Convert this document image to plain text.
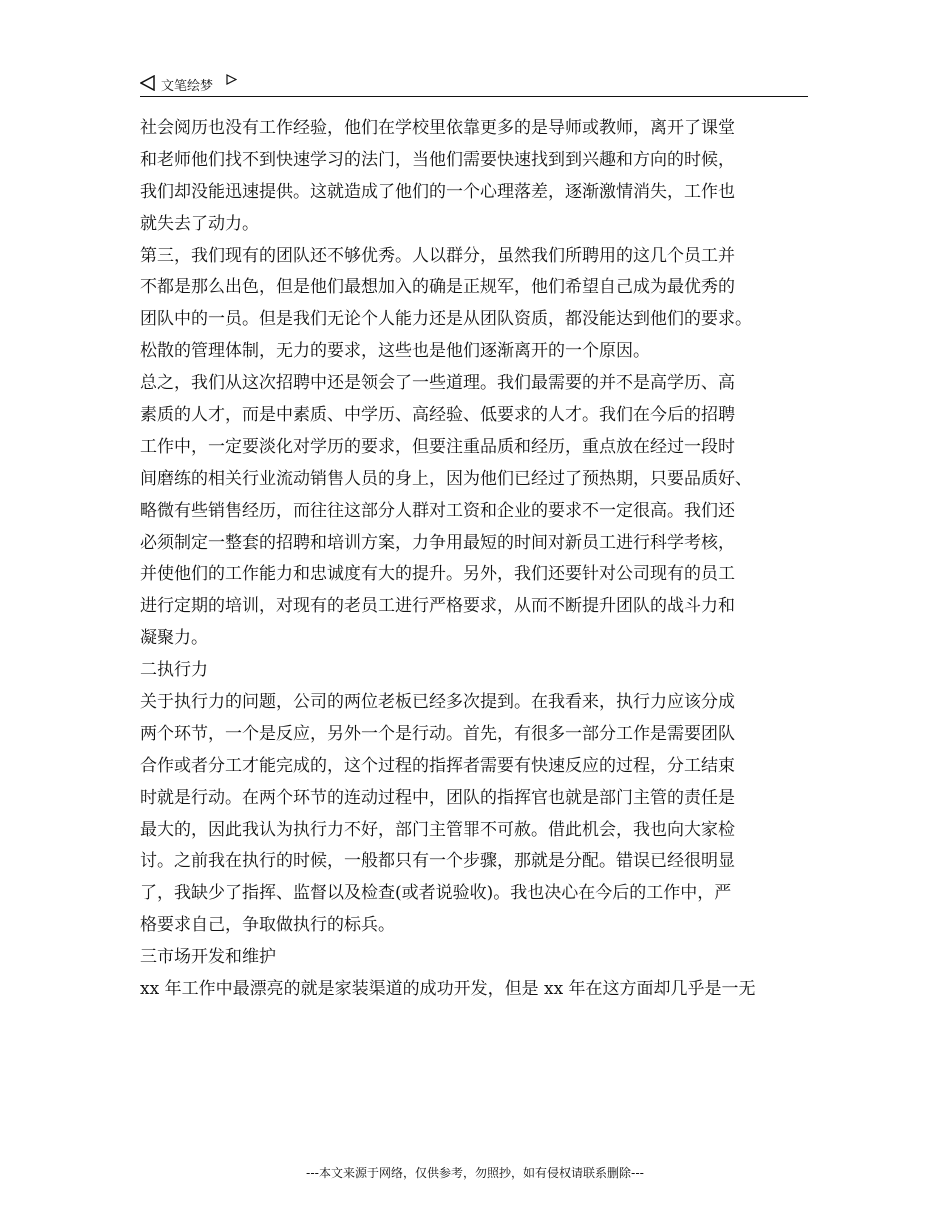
文笔绘梦
社会阅历也没有工作经验，他们在学校里依靠更多的是导师或教师，离开了课堂
和老师他们找不到快速学习的法门，当他们需要快速找到到兴趣和方向的时候，
我们却没能迅速提供。这就造成了他们的一个心理落差，逐渐激情消失，工作也
就失去了动力。
第三，我们现有的团队还不够优秀。人以群分，虽然我们所聘用的这几个员工并
不都是那么出色，但是他们最想加入的确是正规军，他们希望自己成为最优秀的
团队中的一员。但是我们无论个人能力还是从团队资质，都没能达到他们的要求。
松散的管理体制，无力的要求，这些也是他们逐渐离开的一个原因。
总之，我们从这次招聘中还是领会了一些道理。我们最需要的并不是高学历、高
素质的人才，而是中素质、中学历、高经验、低要求的人才。我们在今后的招聘
工作中，一定要淡化对学历的要求，但要注重品质和经历，重点放在经过一段时
间磨练的相关行业流动销售人员的身上，因为他们已经过了预热期，只要品质好、
略微有些销售经历，而往往这部分人群对工资和企业的要求不一定很高。我们还
必须制定一整套的招聘和培训方案，力争用最短的时间对新员工进行科学考核，
并使他们的工作能力和忠诚度有大的提升。另外，我们还要针对公司现有的员工
进行定期的培训，对现有的老员工进行严格要求，从而不断提升团队的战斗力和
凝聚力。
二执行力
关于执行力的问题，公司的两位老板已经多次提到。在我看来，执行力应该分成
两个环节，一个是反应，另外一个是行动。首先，有很多一部分工作是需要团队
合作或者分工才能完成的，这个过程的指挥者需要有快速反应的过程，分工结束
时就是行动。在两个环节的连动过程中，团队的指挥官也就是部门主管的责任是
最大的，因此我认为执行力不好，部门主管罪不可赦。借此机会，我也向大家检
讨。之前我在执行的时候，一般都只有一个步骤，那就是分配。错误已经很明显
了，我缺少了指挥、监督以及检查(或者说验收)。我也决心在今后的工作中，严
格要求自己，争取做执行的标兵。
三市场开发和维护
xx 年工作中最漂亮的就是家装渠道的成功开发，但是 xx 年在这方面却几乎是一无
---本文来源于网络，仅供参考，勿照抄，如有侵权请联系删除---
